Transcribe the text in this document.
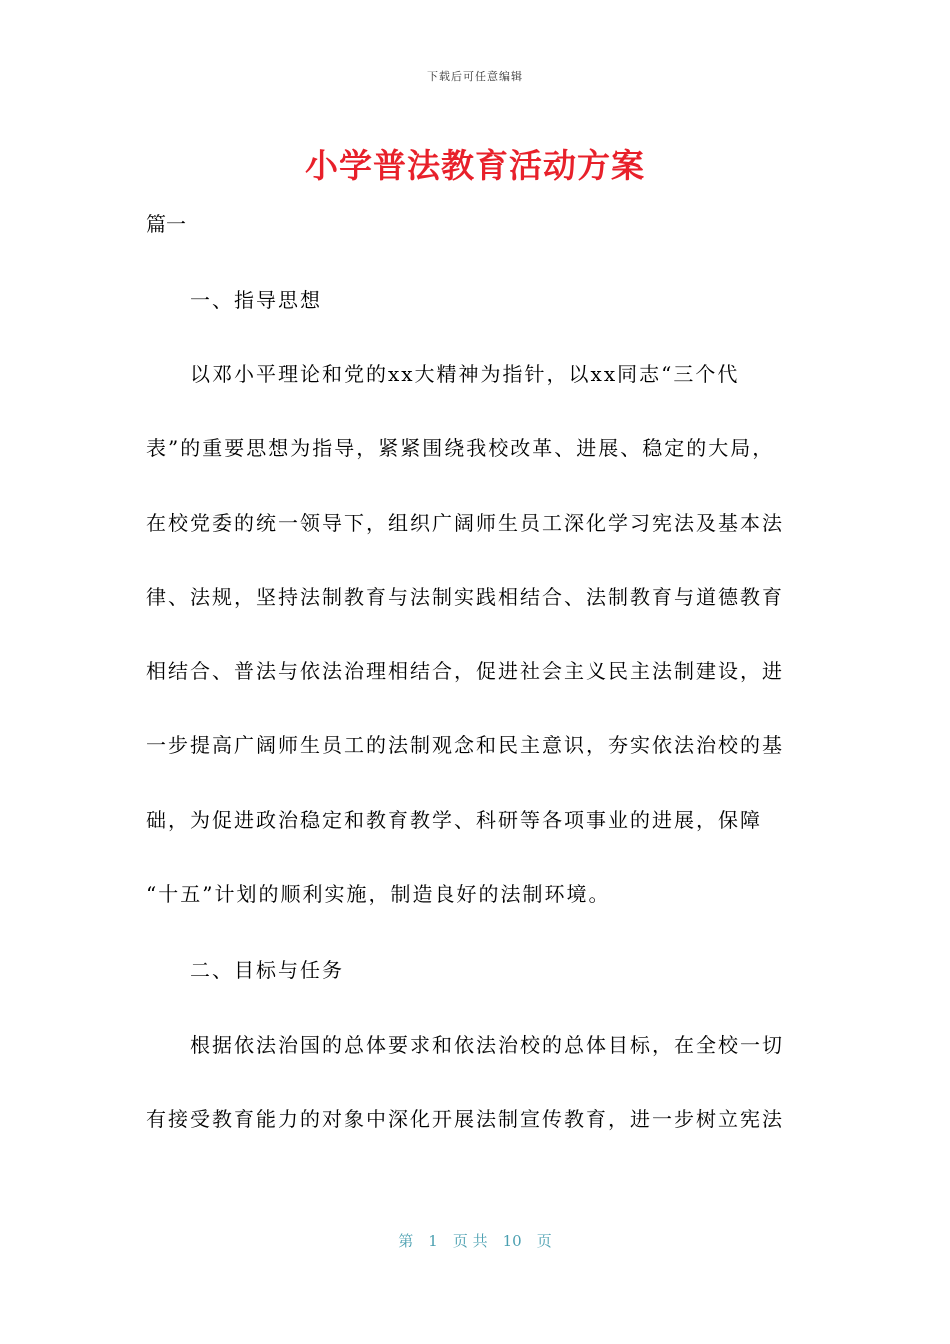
下载后可任意编辑
小学普法教育活动方案
篇一
　　一、指导思想
　　以邓小平理论和党的xx大精神为指针，以xx同志“三个代
表”的重要思想为指导，紧紧围绕我校改革、进展、稳定的大局，
在校党委的统一领导下，组织广阔师生员工深化学习宪法及基本法
律、法规，坚持法制教育与法制实践相结合、法制教育与道德教育
相结合、普法与依法治理相结合，促进社会主义民主法制建设，进
一步提高广阔师生员工的法制观念和民主意识，夯实依法治校的基
础，为促进政治稳定和教育教学、科研等各项事业的进展，保障
“十五”计划的顺利实施，制造良好的法制环境。
　　二、目标与任务
　　根据依法治国的总体要求和依法治校的总体目标，在全校一切
有接受教育能力的对象中深化开展法制宣传教育，进一步树立宪法
第　1　页 共　10　页
